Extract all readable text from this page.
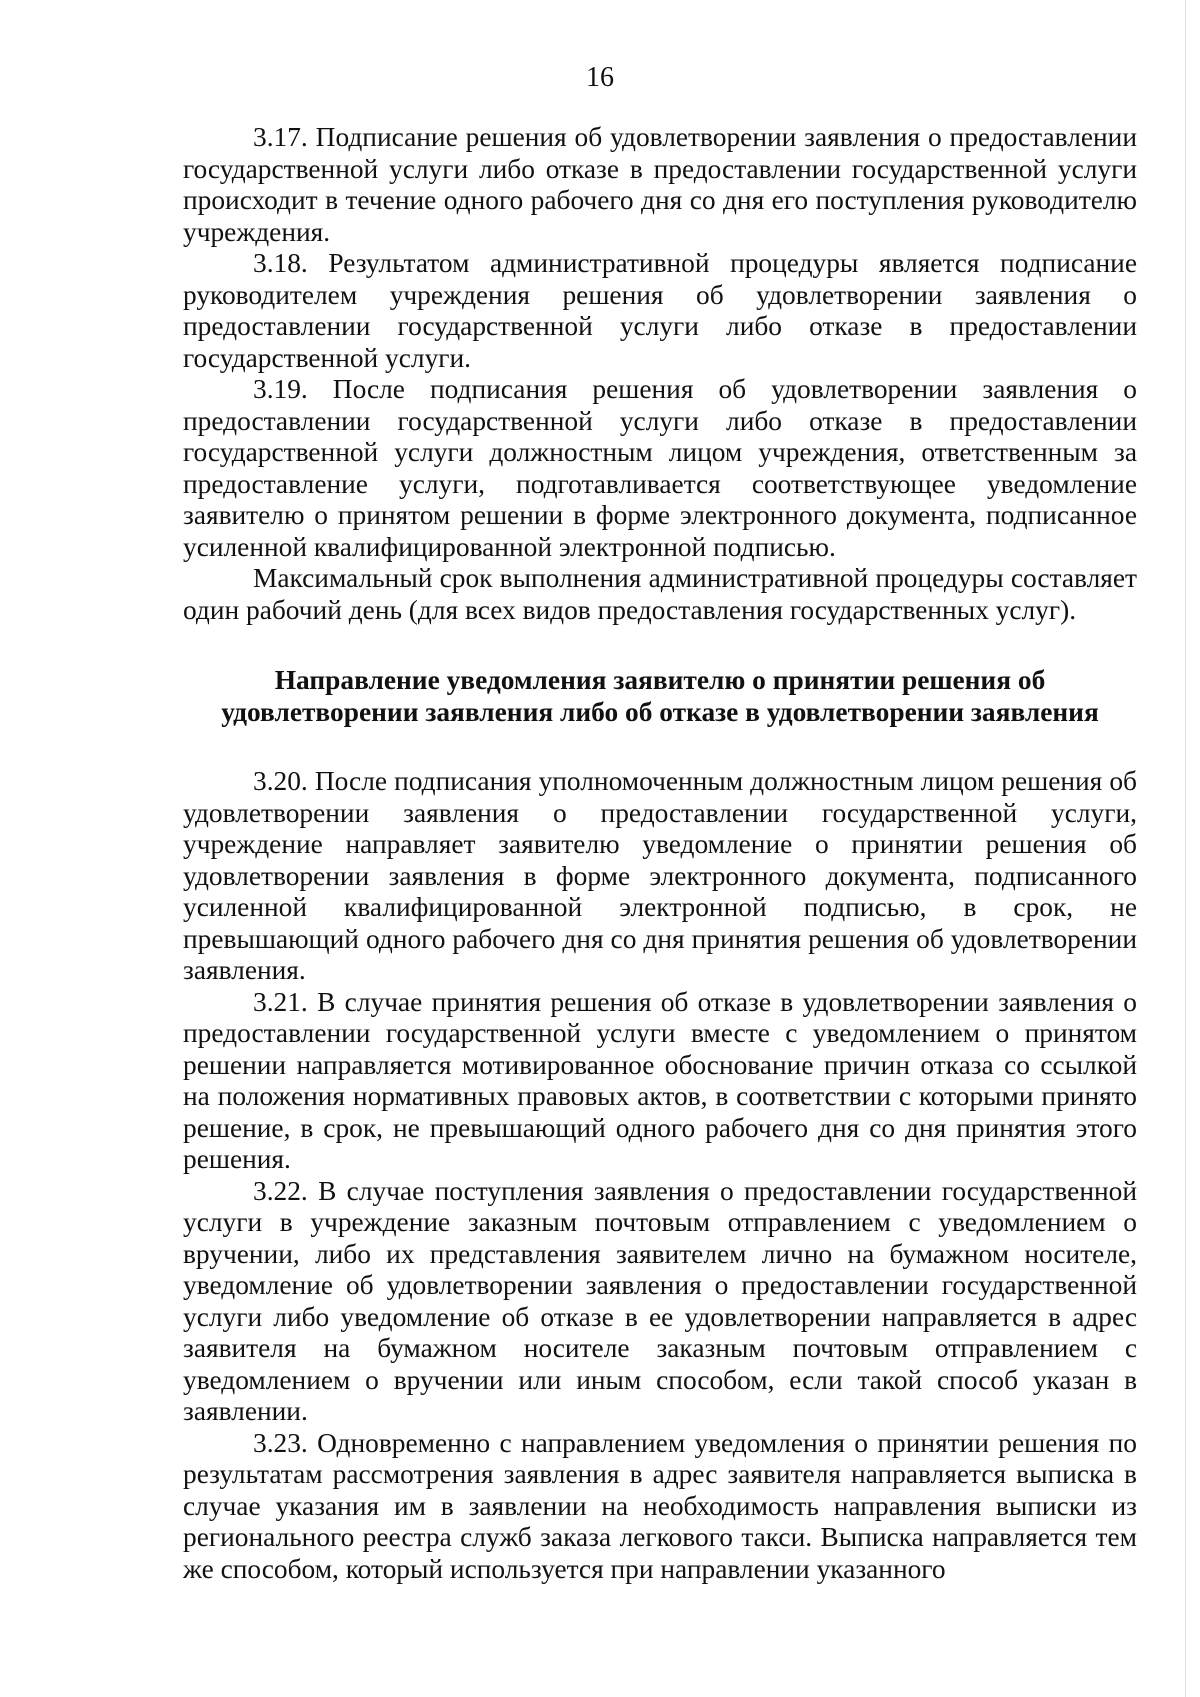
16

3.17. Подписание решения об удовлетворении заявления о предоставлении государственной услуги либо отказе в предоставлении государственной услуги происходит в течение одного рабочего дня со дня его поступления руководителю учреждения.

3.18. Результатом административной процедуры является подписание руководителем учреждения решения об удовлетворении заявления о предоставлении государственной услуги либо отказе в предоставлении государственной услуги.

3.19. После подписания решения об удовлетворении заявления о предоставлении государственной услуги либо отказе в предоставлении государственной услуги должностным лицом учреждения, ответственным за предоставление услуги, подготавливается соответствующее уведомление заявителю о принятом решении в форме электронного документа, подписанное усиленной квалифицированной электронной подписью.

Максимальный срок выполнения административной процедуры составляет один рабочий день (для всех видов предоставления государственных услуг).

Направление уведомления заявителю о принятии решения об
удовлетворении заявления либо об отказе в удовлетворении заявления

3.20. После подписания уполномоченным должностным лицом решения об удовлетворении заявления о предоставлении государственной услуги, учреждение направляет заявителю уведомление о принятии решения об удовлетворении заявления в форме электронного документа, подписанного усиленной квалифицированной электронной подписью, в срок, не превышающий одного рабочего дня со дня принятия решения об удовлетворении заявления.

3.21. В случае принятия решения об отказе в удовлетворении заявления о предоставлении государственной услуги вместе с уведомлением о принятом решении направляется мотивированное обоснование причин отказа со ссылкой на положения нормативных правовых актов, в соответствии с которыми принято решение, в срок, не превышающий одного рабочего дня со дня принятия этого решения.

3.22. В случае поступления заявления о предоставлении государственной услуги в учреждение заказным почтовым отправлением с уведомлением о вручении, либо их представления заявителем лично на бумажном носителе, уведомление об удовлетворении заявления о предоставлении государственной услуги либо уведомление об отказе в ее удовлетворении направляется в адрес заявителя на бумажном носителе заказным почтовым отправлением с уведомлением о вручении или иным способом, если такой способ указан в заявлении.

3.23. Одновременно с направлением уведомления о принятии решения по результатам рассмотрения заявления в адрес заявителя направляется выписка в случае указания им в заявлении на необходимость направления выписки из регионального реестра служб заказа легкового такси. Выписка направляется тем же способом, который используется при направлении указанного
